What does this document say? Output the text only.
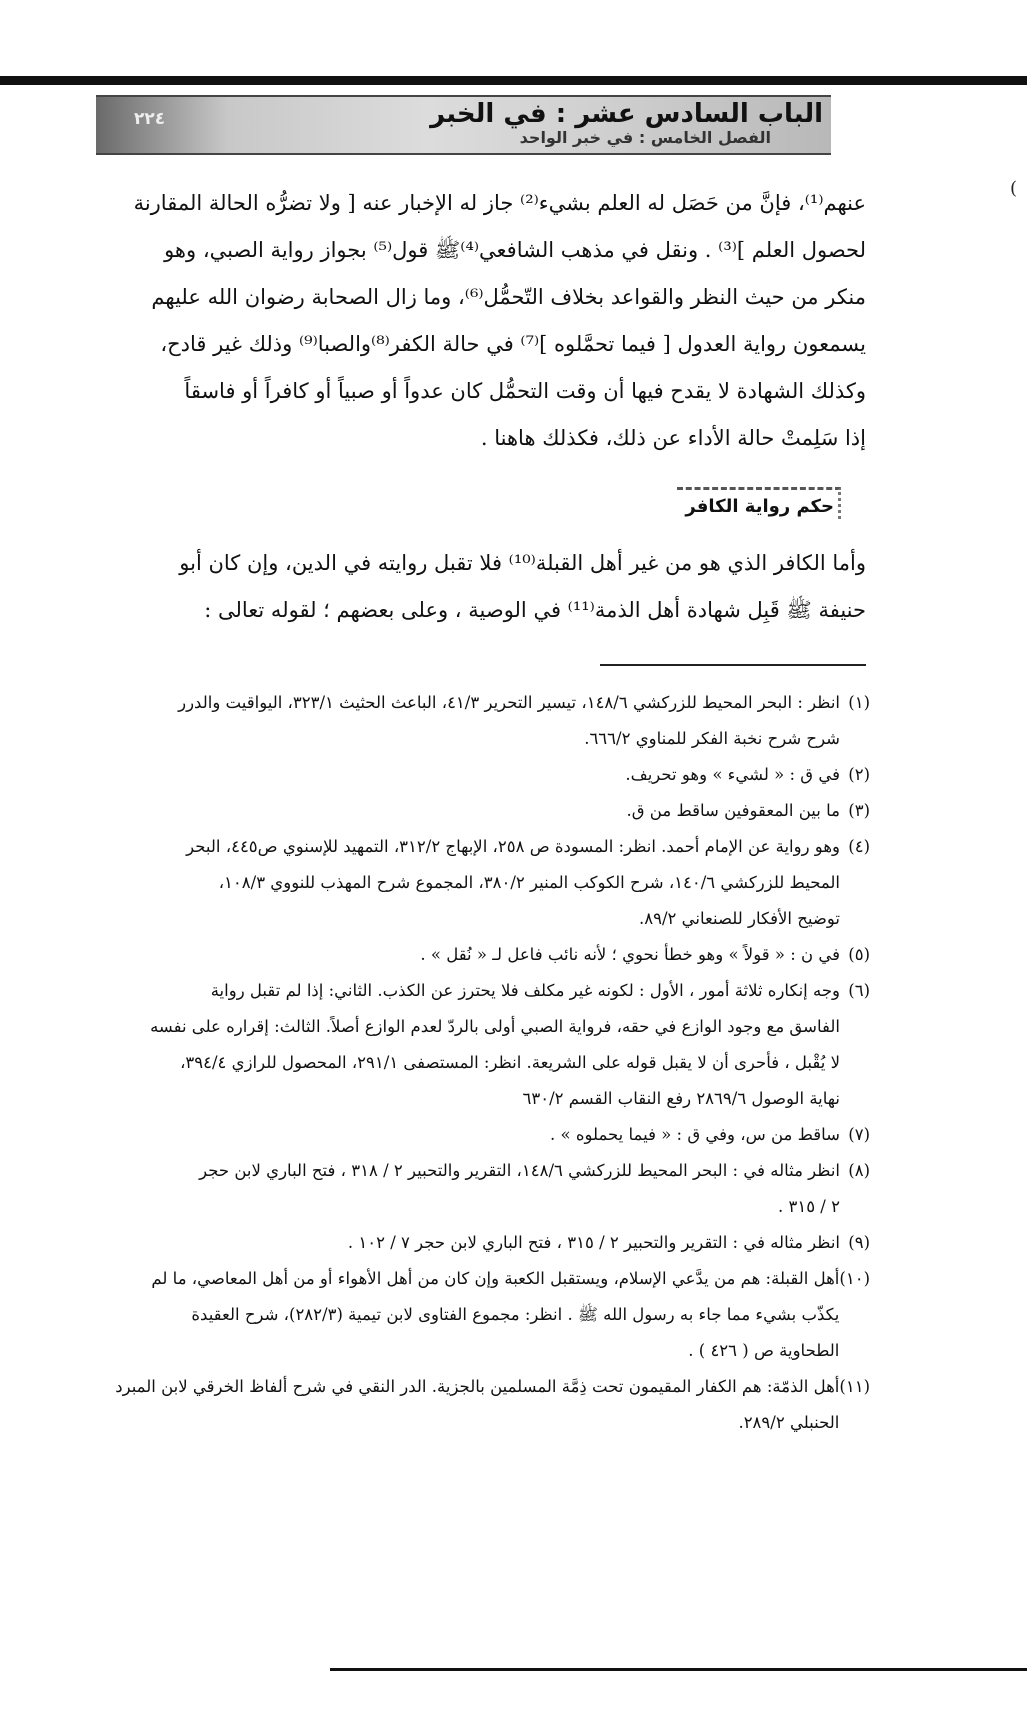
الباب السادس عشر : في الخبر
الفصل الخامس : في خبر الواحد
٢٢٤
(

عنهم⁽¹⁾، فإنَّ من حَصَل له العلم بشيء⁽²⁾ جاز له الإخبار عنه [ ولا تضرُّه الحالة المقارنة

لحصول العلم ]⁽³⁾ . ونقل في مذهب الشافعي⁽⁴⁾ﷺ قول⁽⁵⁾ بجواز رواية الصبي، وهو

منكر من حيث النظر والقواعد بخلاف التّحمُّل⁽⁶⁾، وما زال الصحابة رضوان الله عليهم

يسمعون رواية العدول [ فيما تحمَّلوه ]⁽⁷⁾ في حالة الكفر⁽⁸⁾والصبا⁽⁹⁾ وذلك غير قادح،

وكذلك الشهادة لا يقدح فيها أن وقت التحمُّل كان عدواً أو صبياً أو كافراً أو فاسقاً

إذا سَلِمتْ حالة الأداء عن ذلك، فكذلك هاهنا .

حكم رواية الكافر

وأما الكافر الذي هو من غير أهل القبلة⁽¹⁰⁾ فلا تقبل روايته في الدين، وإن كان أبو

حنيفة ﷺ قَبِل شهادة أهل الذمة⁽¹¹⁾ في الوصية ، وعلى بعضهم ؛ لقوله تعالى :

(١)
انظر : البحر المحيط للزركشي ١٤٨/٦، تيسير التحرير ٤١/٣، الباعث الحثيث ٣٢٣/١، اليواقيت والدرر
شرح شرح نخبة الفكر للمناوي ٦٦٦/٢.
(٢)
في ق : « لشيء » وهو تحريف.
(٣)
ما بين المعقوفين ساقط من ق.
(٤)
وهو رواية عن الإمام أحمد. انظر: المسودة ص ٢٥٨، الإبهاج ٣١٢/٢، التمهيد للإسنوي ص٤٤٥، البحر
المحيط للزركشي ١٤٠/٦، شرح الكوكب المنير ٣٨٠/٢، المجموع شرح المهذب للنووي ١٠٨/٣،
توضيح الأفكار للصنعاني ٨٩/٢.
(٥)
في ن : « قولاً » وهو خطأ نحوي ؛ لأنه نائب فاعل لـ « نُقل » .
(٦)
وجه إنكاره ثلاثة أمور ، الأول : لكونه غير مكلف فلا يحترز عن الكذب. الثاني: إذا لم تقبل رواية
الفاسق مع وجود الوازع في حقه، فرواية الصبي أولى بالردّ لعدم الوازع أصلاً. الثالث: إقراره على نفسه
لا يُقْبل ، فأحرى أن لا يقبل قوله على الشريعة. انظر: المستصفى ٢٩١/١، المحصول للرازي ٣٩٤/٤،
نهاية الوصول ٢٨٦٩/٦ رفع النقاب القسم ٦٣٠/٢
(٧)
ساقط من س، وفي ق : « فيما يحملوه » .
(٨)
انظر مثاله في : البحر المحيط للزركشي ١٤٨/٦، التقرير والتحبير ٢ / ٣١٨ ، فتح الباري لابن حجر
٢ / ٣١٥ .
(٩)
انظر مثاله في : التقرير والتحبير ٢ / ٣١٥ ، فتح الباري لابن حجر ٧ / ١٠٢ .
(١٠)
أهل القبلة: هم من يدَّعي الإسلام، ويستقبل الكعبة وإن كان من أهل الأهواء أو من أهل المعاصي، ما لم
يكذّب بشيء مما جاء به رسول الله ﷺ . انظر: مجموع الفتاوى لابن تيمية (٢٨٢/٣)، شرح العقيدة
الطحاوية ص ( ٤٢٦ ) .
(١١)
أهل الذمّة: هم الكفار المقيمون تحت ذِمَّة المسلمين بالجزية. الدر النقي في شرح ألفاظ الخرقي لابن المبرد
الحنبلي ٢٨٩/٢.
